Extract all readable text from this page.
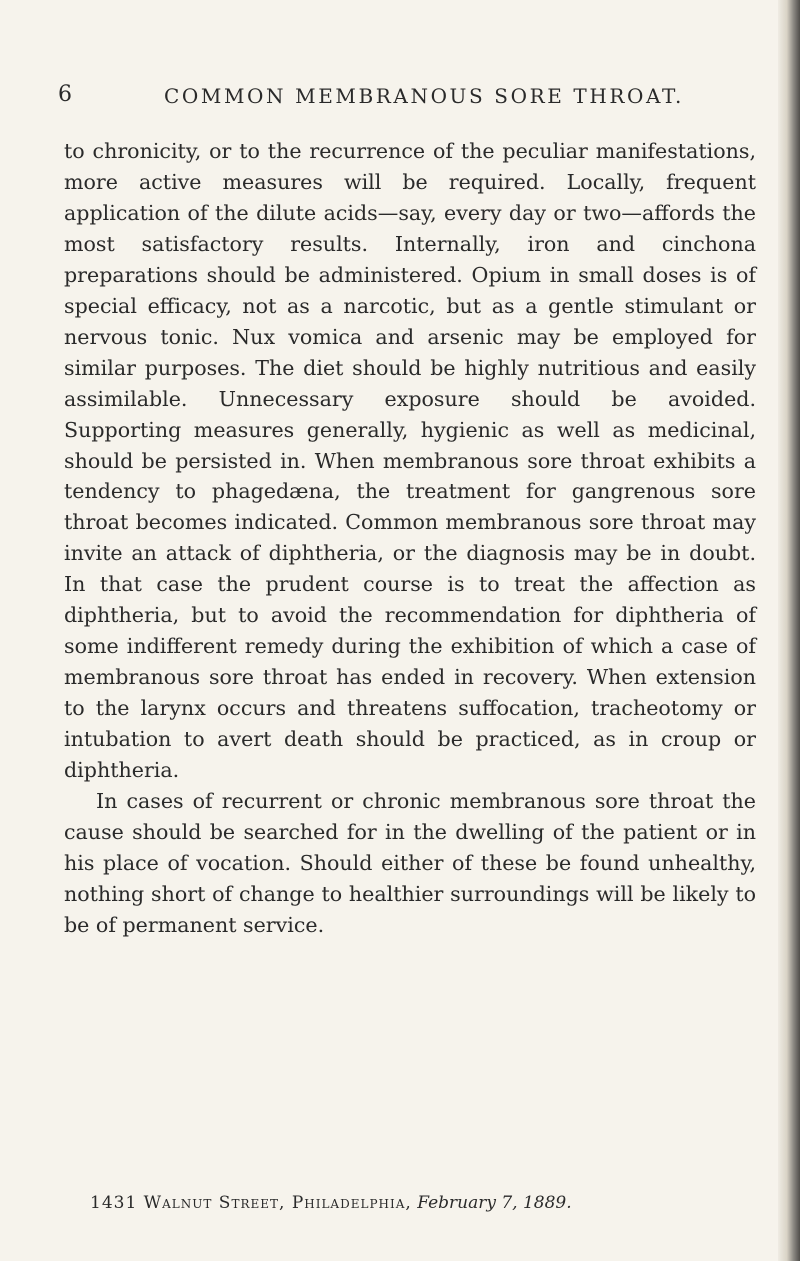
6	COMMON MEMBRANOUS SORE THROAT.

to chronicity, or to the recurrence of the peculiar manifestations, more active measures will be required. Locally, frequent application of the dilute acids—say, every day or two—affords the most satisfactory results. Internally, iron and cinchona preparations should be administered. Opium in small doses is of special efficacy, not as a narcotic, but as a gentle stimulant or nervous tonic. Nux vomica and arsenic may be employed for similar purposes. The diet should be highly nutritious and easily assimilable. Unnecessary exposure should be avoided. Supporting measures generally, hygienic as well as medicinal, should be persisted in. When membranous sore throat exhibits a tendency to phagedæna, the treatment for gangrenous sore throat becomes indicated. Common membranous sore throat may invite an attack of diphtheria, or the diagnosis may be in doubt. In that case the prudent course is to treat the affection as diphtheria, but to avoid the recommendation for diphtheria of some indifferent remedy during the exhibition of which a case of membranous sore throat has ended in recovery. When extension to the larynx occurs and threatens suffocation, tracheotomy or intubation to avert death should be practiced, as in croup or diphtheria.

In cases of recurrent or chronic membranous sore throat the cause should be searched for in the dwelling of the patient or in his place of vocation. Should either of these be found unhealthy, nothing short of change to healthier surroundings will be likely to be of permanent service.

1431 Walnut Street, Philadelphia, February 7, 1889.
